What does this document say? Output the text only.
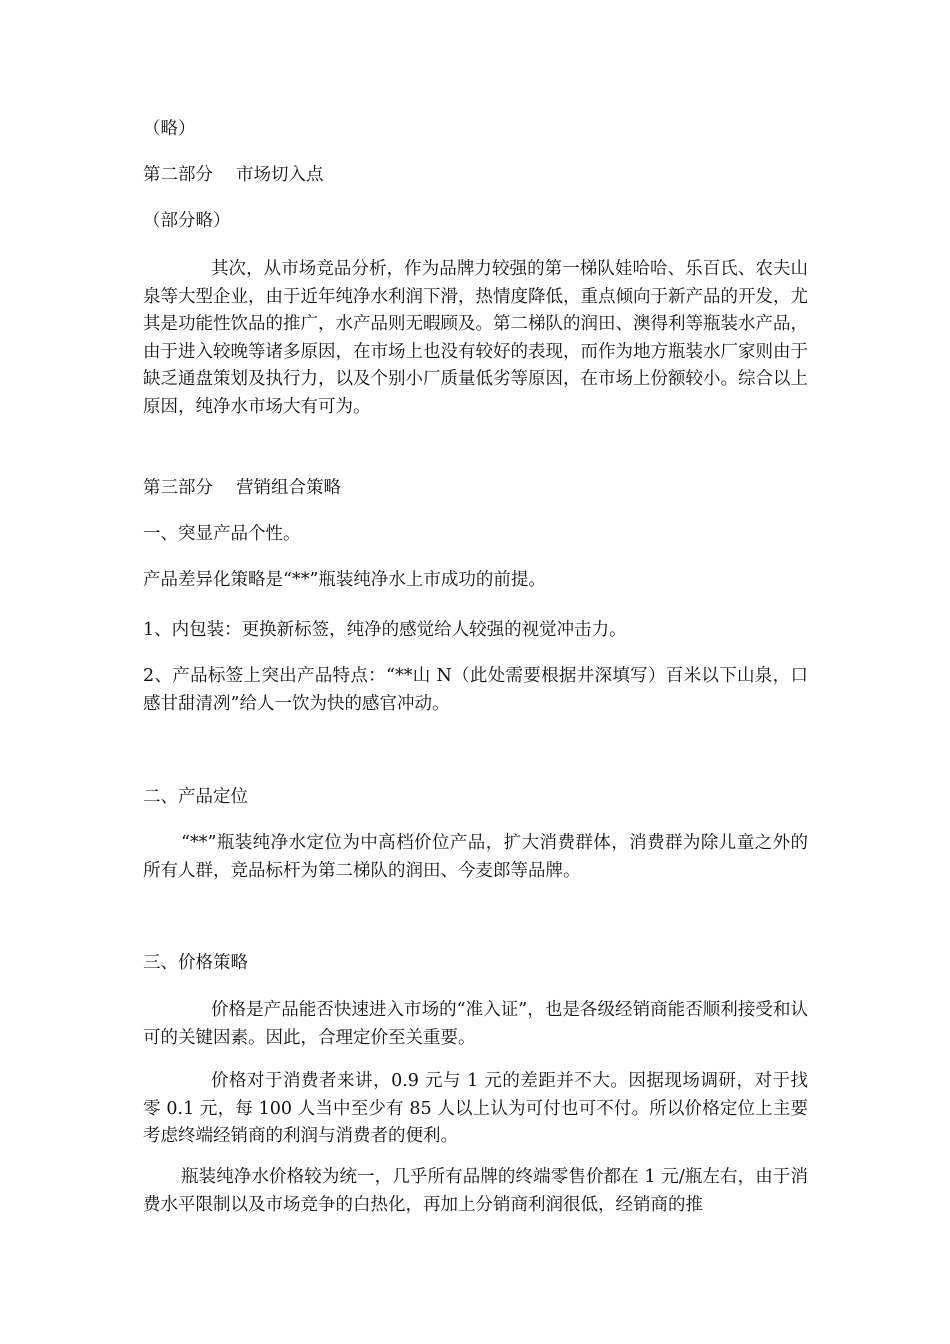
（略）

第二部分　 市场切入点

（部分略）

其次，从市场竞品分析，作为品牌力较强的第一梯队娃哈哈、乐百氏、农夫山泉等大型企业，由于近年纯净水利润下滑，热情度降低，重点倾向于新产品的开发，尤其是功能性饮品的推广，水产品则无暇顾及。第二梯队的润田、澳得利等瓶装水产品，由于进入较晚等诸多原因，在市场上也没有较好的表现，而作为地方瓶装水厂家则由于缺乏通盘策划及执行力，以及个别小厂质量低劣等原因，在市场上份额较小。综合以上原因，纯净水市场大有可为。

第三部分　 营销组合策略

一、突显产品个性。

产品差异化策略是“**”瓶装纯净水上市成功的前提。

1、内包装：更换新标签，纯净的感觉给人较强的视觉冲击力。

2、产品标签上突出产品特点：“**山 N（此处需要根据井深填写）百米以下山泉，口感甘甜清冽”给人一饮为快的感官冲动。

二、产品定位

“**”瓶装纯净水定位为中高档价位产品，扩大消费群体，消费群为除儿童之外的所有人群，竞品标杆为第二梯队的润田、今麦郎等品牌。

三、价格策略

价格是产品能否快速进入市场的“准入证”，也是各级经销商能否顺利接受和认可的关键因素。因此，合理定价至关重要。

价格对于消费者来讲，0.9 元与 1 元的差距并不大。因据现场调研，对于找零 0.1 元，每 100 人当中至少有 85 人以上认为可付也可不付。所以价格定位上主要考虑终端经销商的利润与消费者的便利。

瓶装纯净水价格较为统一，几乎所有品牌的终端零售价都在 1 元/瓶左右，由于消费水平限制以及市场竞争的白热化，再加上分销商利润很低，经销商的推
